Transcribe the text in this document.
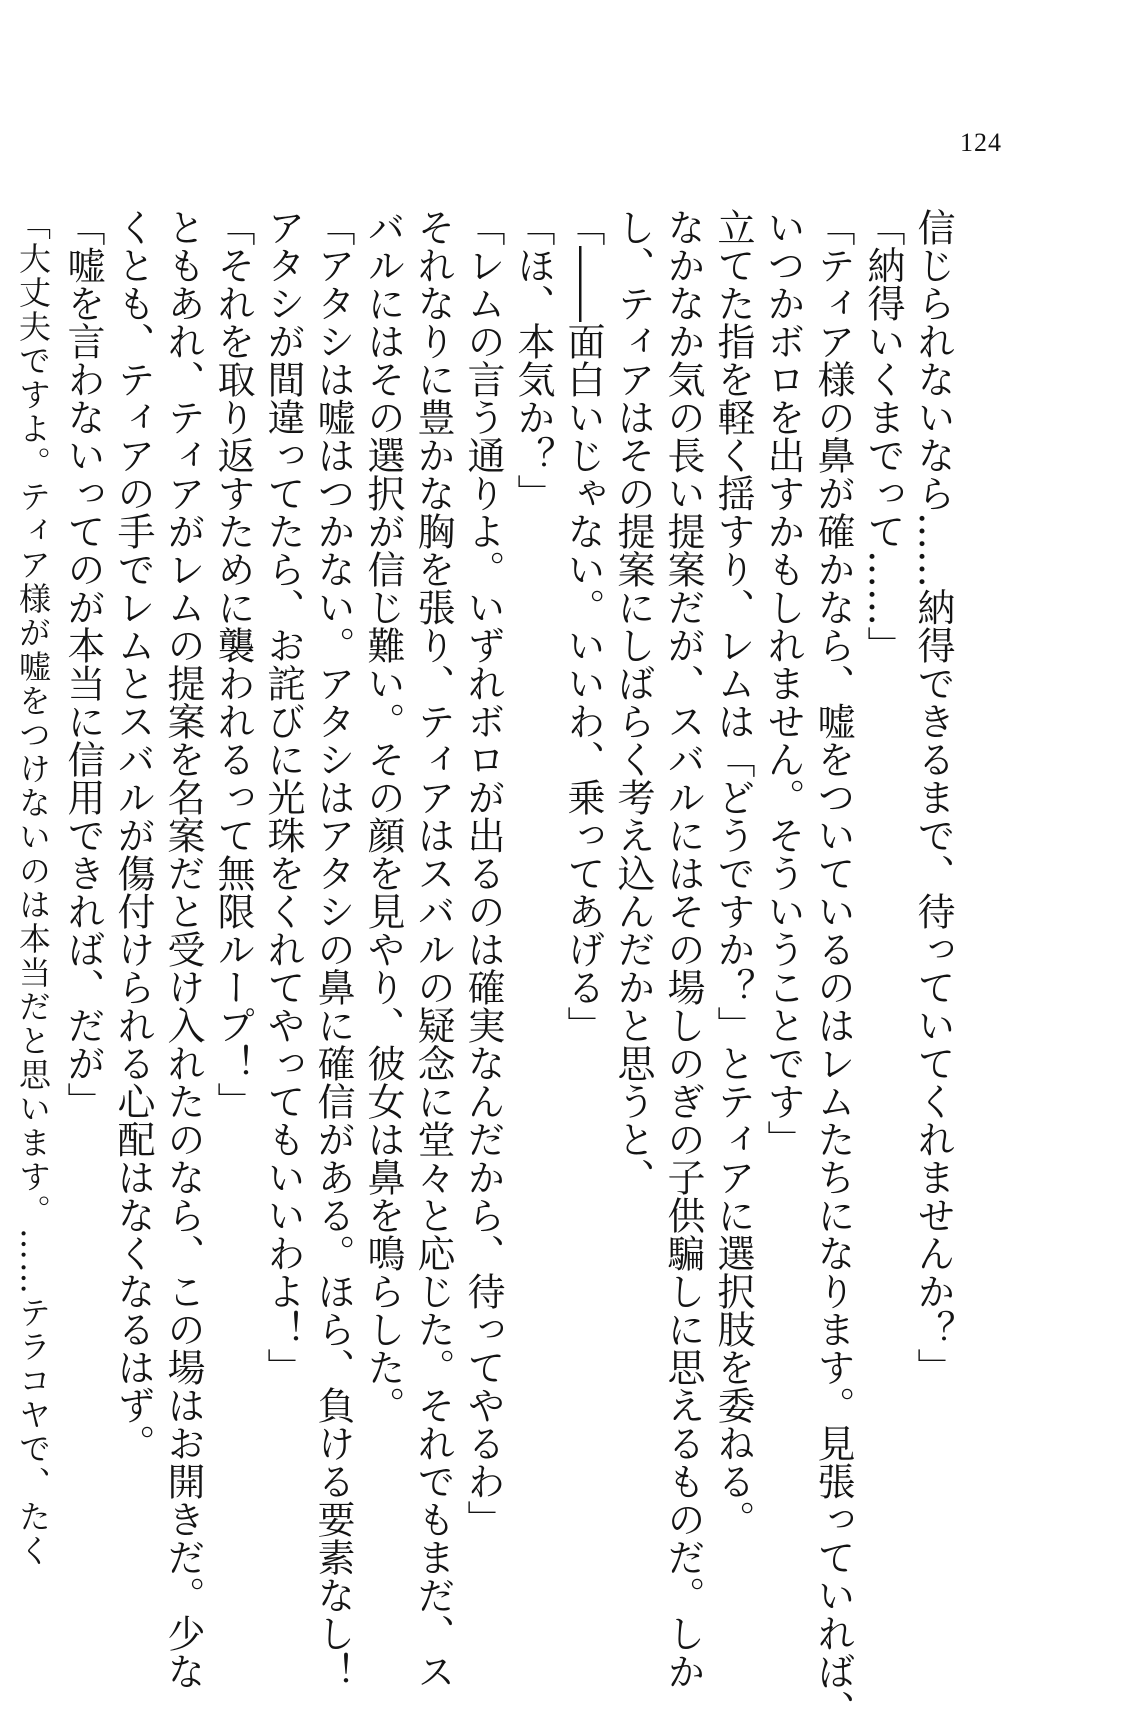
124
信じられないなら……納得できるまで、待っていてくれませんか？」
「納得いくまでって……」
「ティア様の鼻が確かなら、嘘をついているのはレムたちになります。見張っていれば、
いつかボロを出すかもしれません。そういうことです」
立てた指を軽く揺すり、レムは「どうですか？」とティアに選択肢を委ねる。
なかなか気の長い提案だが、スバルにはその場しのぎの子供騙しに思えるものだ。しか
し、ティアはその提案にしばらく考え込んだかと思うと、
「――面白いじゃない。いいわ、乗ってあげる」
「ほ、本気か？」
「レムの言う通りよ。いずれボロが出るのは確実なんだから、待ってやるわ」
それなりに豊かな胸を張り、ティアはスバルの疑念に堂々と応じた。それでもまだ、ス
バルにはその選択が信じ難い。その顔を見やり、彼女は鼻を鳴らした。
「アタシは嘘はつかない。アタシはアタシの鼻に確信がある。ほら、負ける要素なし！
アタシが間違ってたら、お詫びに光珠をくれてやってもいいわよ！」
「それを取り返すために襲われるって無限ループ！」
ともあれ、ティアがレムの提案を名案だと受け入れたのなら、この場はお開きだ。少な
くとも、ティアの手でレムとスバルが傷付けられる心配はなくなるはず。
「嘘を言わないってのが本当に信用できれば、だが」
「大丈夫ですよ。ティア様が嘘をつけないのは本当だと思います。……テラコヤで、たく
